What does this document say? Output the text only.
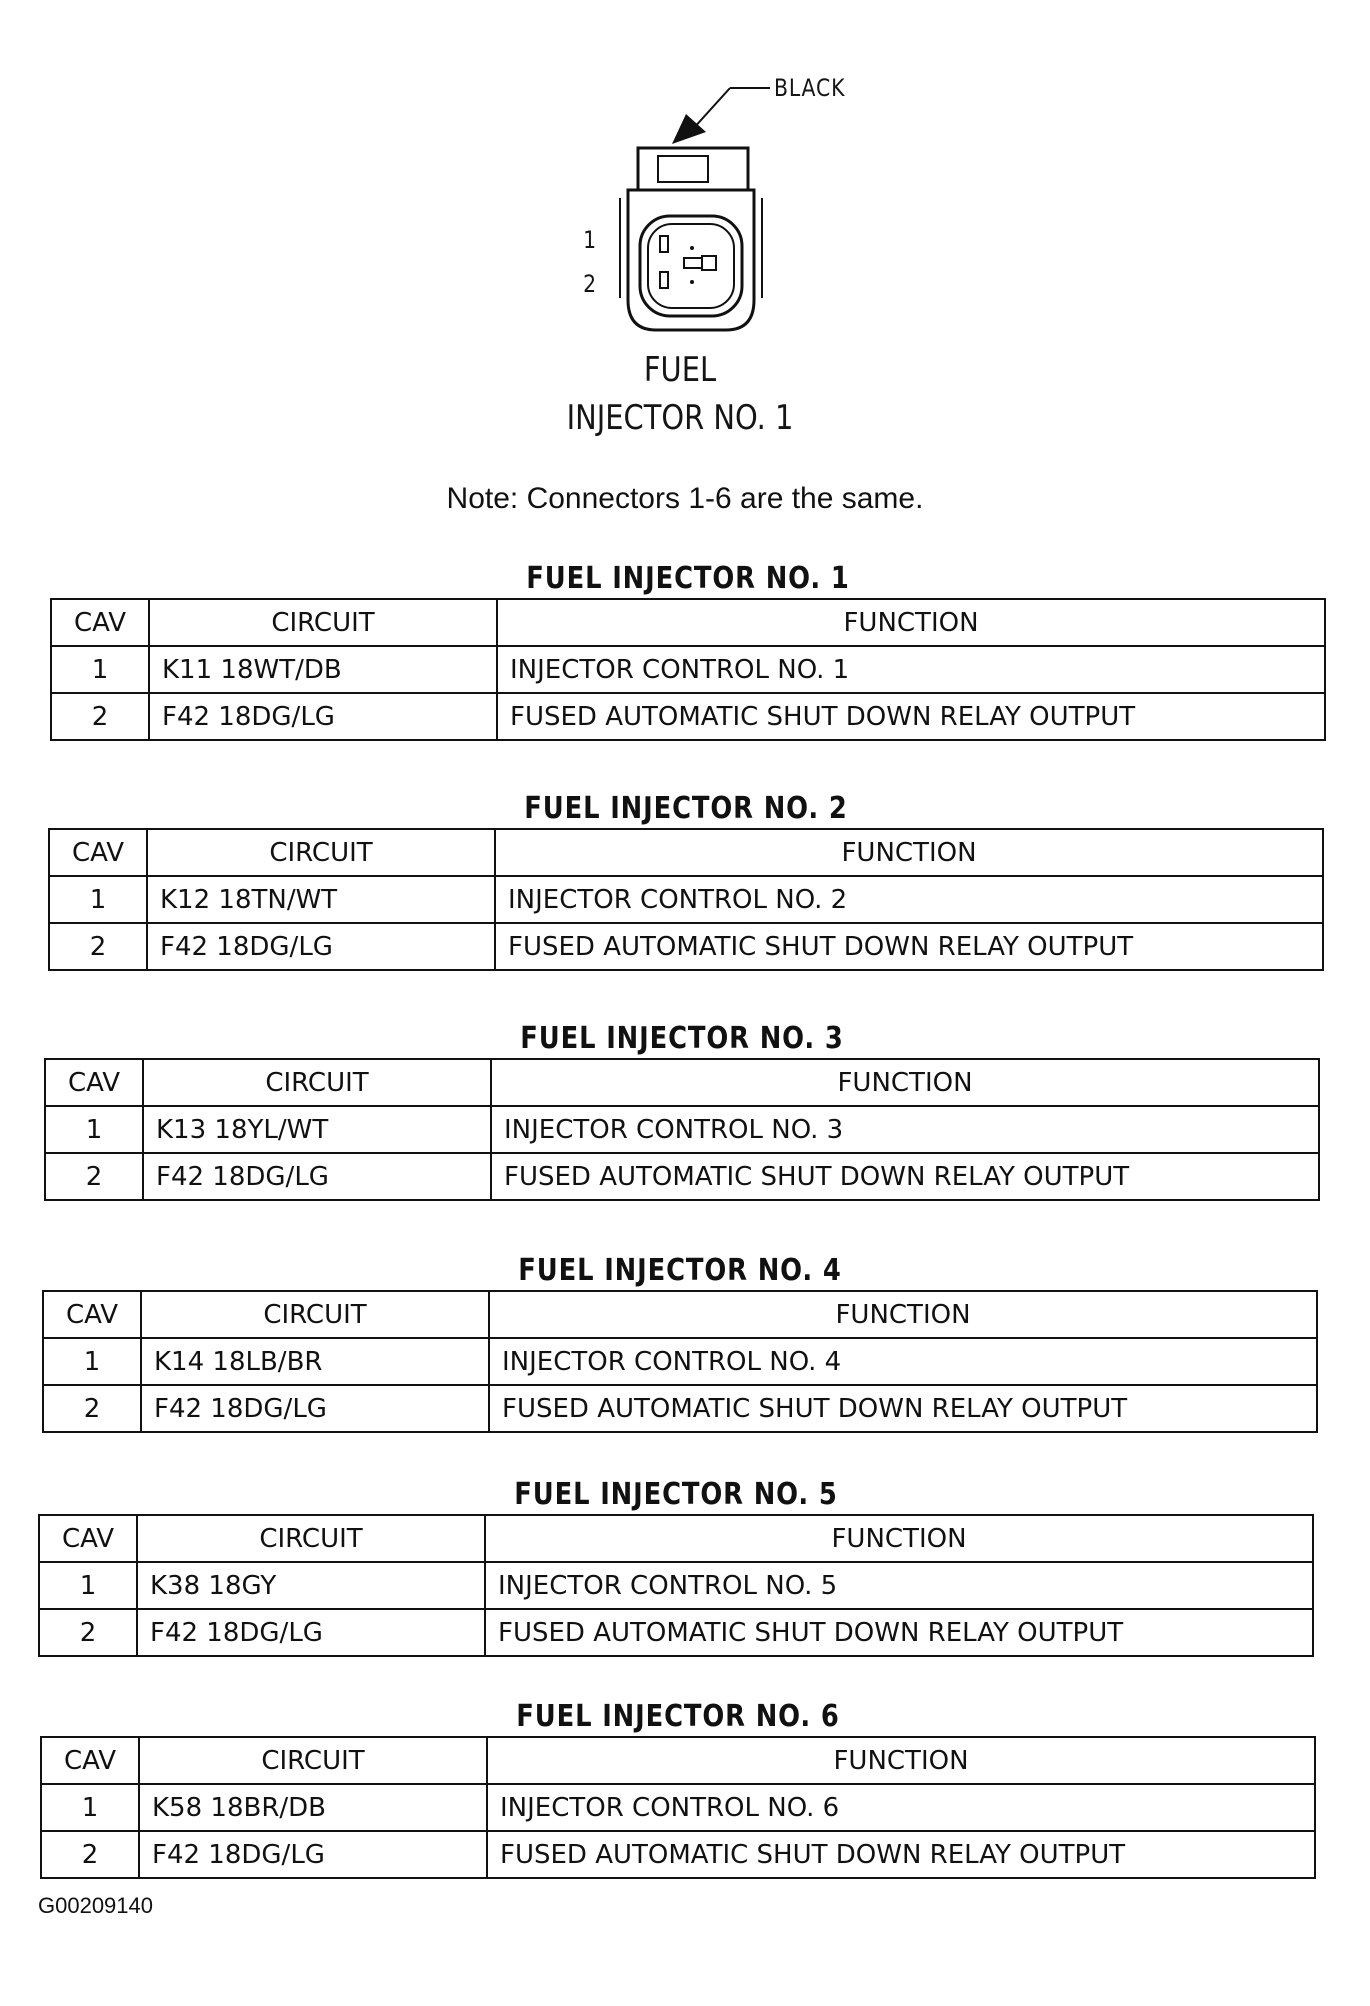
BLACK
1
2
FUEL
INJECTOR NO. 1
Note: Connectors 1-6 are the same.
FUEL INJECTOR NO. 1
CAV	CIRCUIT	FUNCTION
1	K11 18WT/DB	INJECTOR CONTROL NO. 1
2	F42 18DG/LG	FUSED AUTOMATIC SHUT DOWN RELAY OUTPUT
FUEL INJECTOR NO. 2
CAV	CIRCUIT	FUNCTION
1	K12 18TN/WT	INJECTOR CONTROL NO. 2
2	F42 18DG/LG	FUSED AUTOMATIC SHUT DOWN RELAY OUTPUT
FUEL INJECTOR NO. 3
CAV	CIRCUIT	FUNCTION
1	K13 18YL/WT	INJECTOR CONTROL NO. 3
2	F42 18DG/LG	FUSED AUTOMATIC SHUT DOWN RELAY OUTPUT
FUEL INJECTOR NO. 4
CAV	CIRCUIT	FUNCTION
1	K14 18LB/BR	INJECTOR CONTROL NO. 4
2	F42 18DG/LG	FUSED AUTOMATIC SHUT DOWN RELAY OUTPUT
FUEL INJECTOR NO. 5
CAV	CIRCUIT	FUNCTION
1	K38 18GY	INJECTOR CONTROL NO. 5
2	F42 18DG/LG	FUSED AUTOMATIC SHUT DOWN RELAY OUTPUT
FUEL INJECTOR NO. 6
CAV	CIRCUIT	FUNCTION
1	K58 18BR/DB	INJECTOR CONTROL NO. 6
2	F42 18DG/LG	FUSED AUTOMATIC SHUT DOWN RELAY OUTPUT
G00209140
